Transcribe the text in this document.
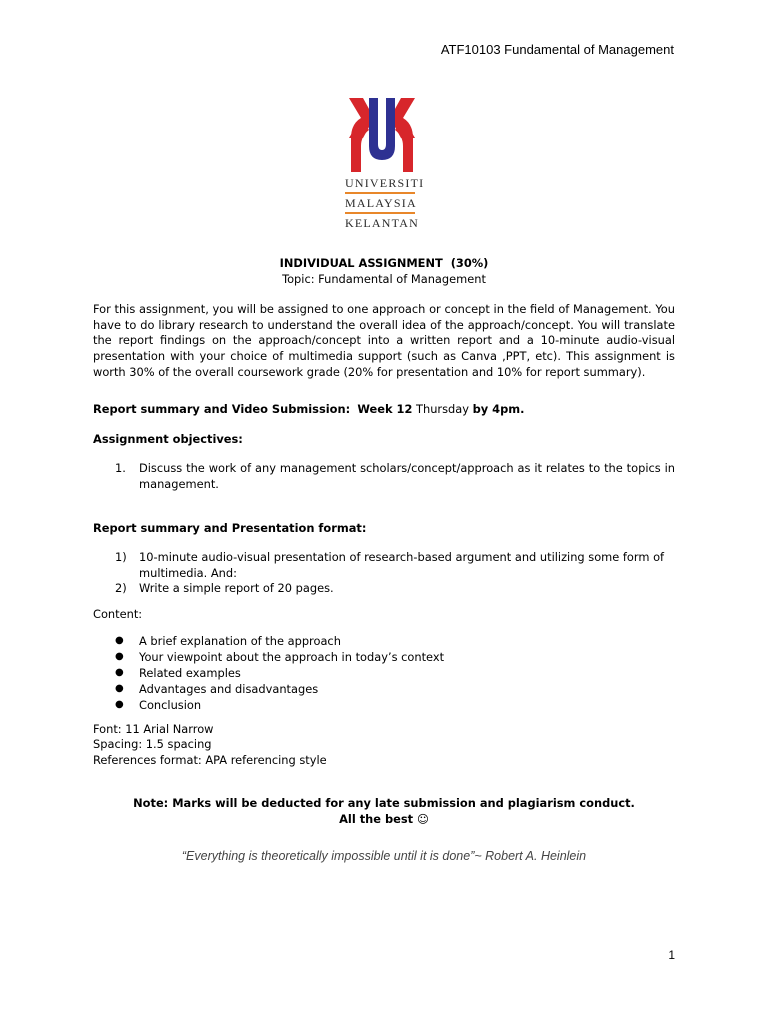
ATF10103 Fundamental of Management
UNIVERSITI
MALAYSIA
KELANTAN
INDIVIDUAL ASSIGNMENT  (30%)
Topic: Fundamental of Management

For this assignment, you will be assigned to one approach or concept in the field of Management. You have to do library research to understand the overall idea of the approach/concept. You will translate the report findings on the approach/concept into a written report and a 10-minute audio-visual presentation with your choice of multimedia support (such as Canva ,PPT, etc). This assignment is worth 30% of the overall coursework grade (20% for presentation and 10% for report summary).

Report summary and Video Submission: Week 12 Thursday by 4pm.
Assignment objectives:
1.	Discuss the work of any management scholars/concept/approach as it relates to the topics in management.
Report summary and Presentation format:
1)	10-minute audio-visual presentation of research-based argument and utilizing some form of multimedia. And:
2)	Write a simple report of 20 pages.
Content:
●	A brief explanation of the approach
●	Your viewpoint about the approach in today’s context
●	Related examples
●	Advantages and disadvantages
●	Conclusion
Font: 11 Arial Narrow
Spacing: 1.5 spacing
References format: APA referencing style
Note: Marks will be deducted for any late submission and plagiarism conduct.
All the best ☺
“Everything is theoretically impossible until it is done”~ Robert A. Heinlein
1
